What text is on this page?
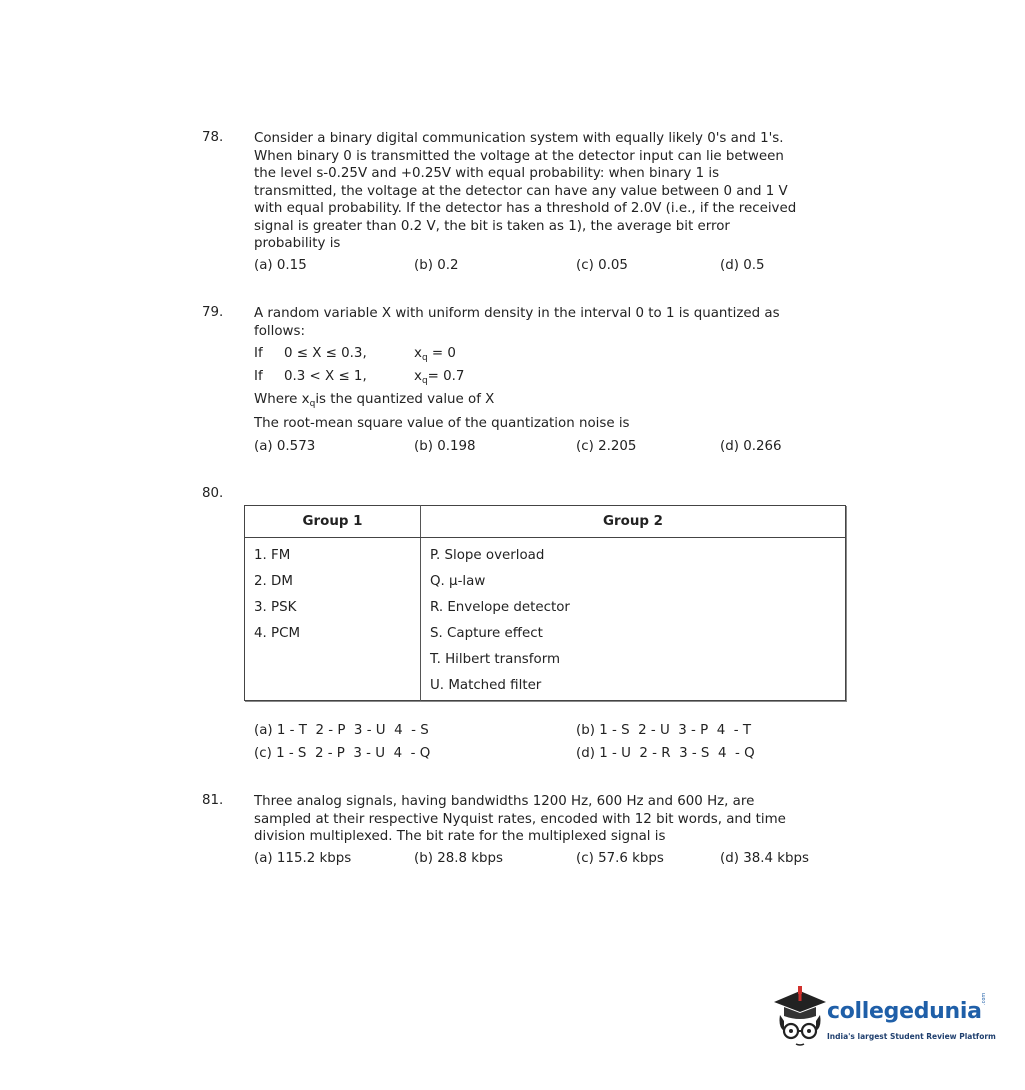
78. Consider a binary digital communication system with equally likely 0's and 1's.
When binary 0 is transmitted the voltage at the detector input can lie between
the level s-0.25V and +0.25V with equal probability: when binary 1 is
transmitted, the voltage at the detector can have any value between 0 and 1 V
with equal probability. If the detector has a threshold of 2.0V (i.e., if the received
signal is greater than 0.2 V, the bit is taken as 1), the average bit error
probability is
(a) 0.15	(b) 0.2	(c) 0.05	(d) 0.5
79. A random variable X with uniform density in the interval 0 to 1 is quantized as
follows:
If 0 ≤ X ≤ 0.3,	$x_q = 0$
If 0.3 < X ≤ 1,	$x_q= 0.7$
Where $x_qis$ the quantized value of X
The root-mean square value of the quantization noise is
(a) 0.573	(b) 0.198	(c) 2.205	(d) 0.266
80.
Group 1	Group 2
1. FM	P. Slope overload
2. DM	Q. μ-law
3. PSK	R. Envelope detector
4. PCM	S. Capture effect
	T. Hilbert transform
	U. Matched filter
(a) 1 - T  2 - P  3 - U  4  - S	(b) 1 - S  2 - U  3 - P  4  - T
(c) 1 - S  2 - P  3 - U  4  - Q	(d) 1 - U  2 - R  3 - S  4  - Q
81. Three analog signals, having bandwidths 1200 Hz, 600 Hz and 600 Hz, are
sampled at their respective Nyquist rates, encoded with 12 bit words, and time
division multiplexed. The bit rate for the multiplexed signal is
(a) 115.2 kbps	(b) 28.8 kbps	(c) 57.6 kbps	(d) 38.4 kbps
collegedunia
.com
India's largest Student Review Platform
